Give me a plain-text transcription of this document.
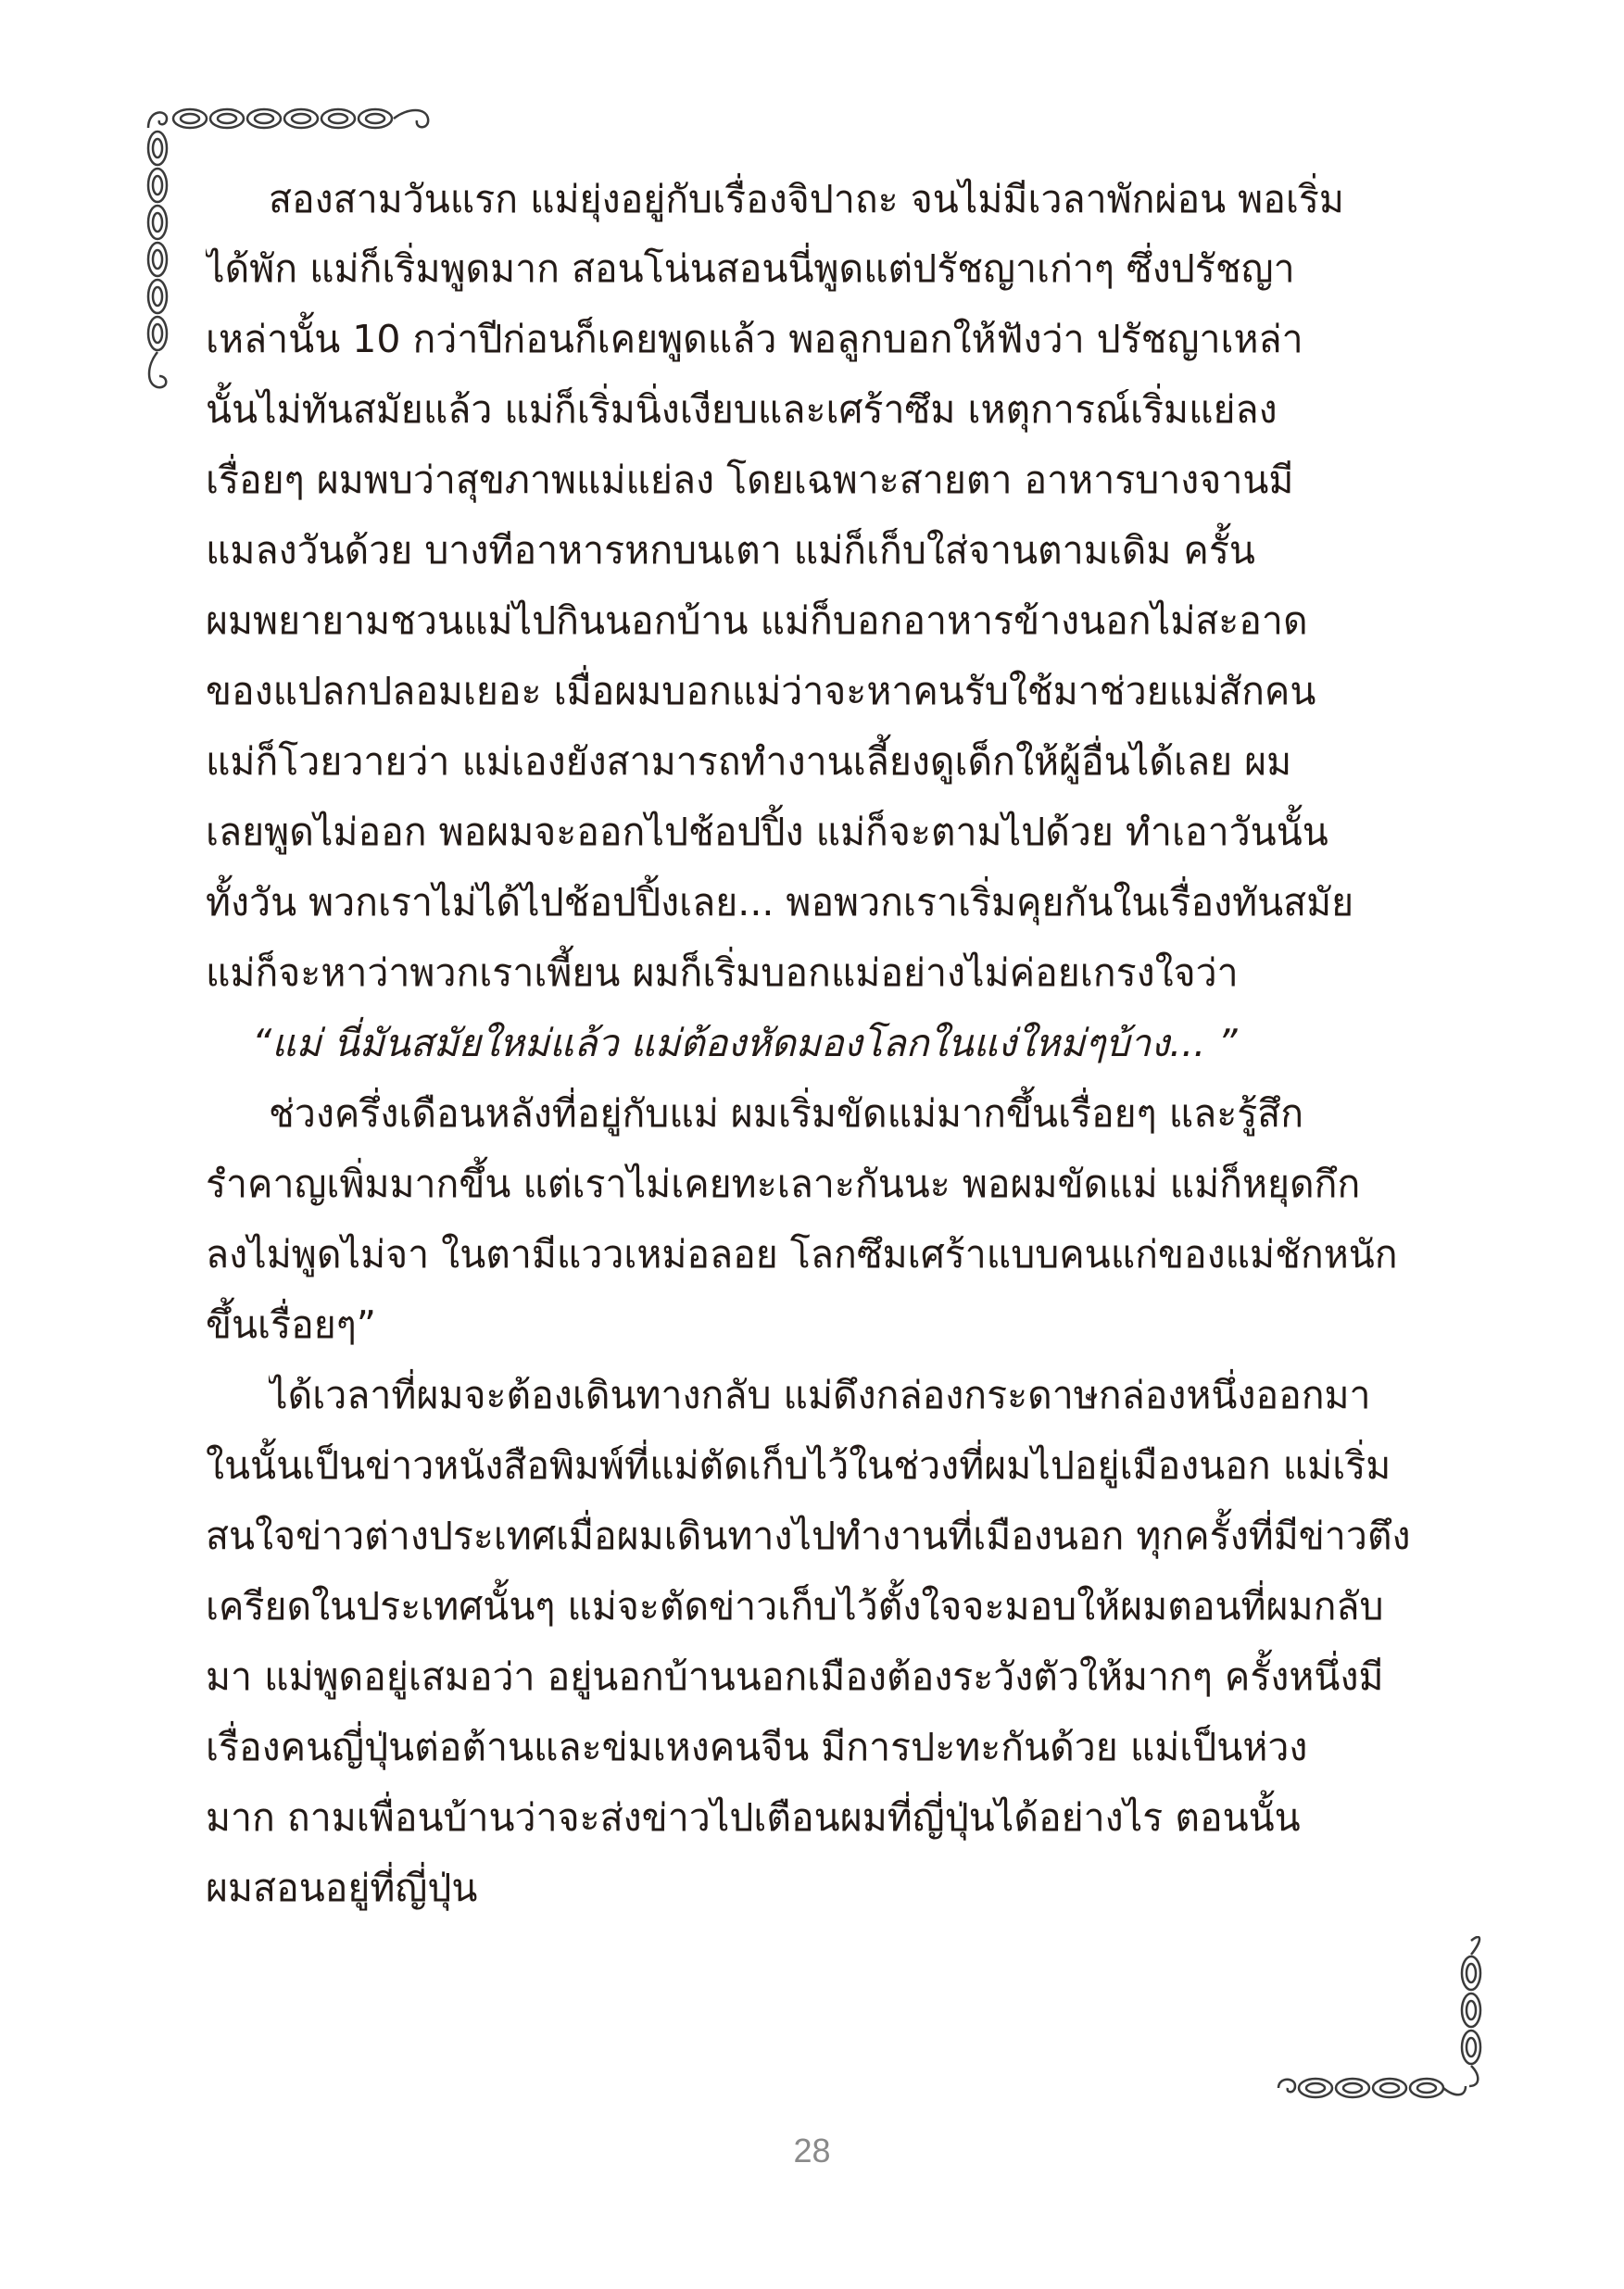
สองสามวันแรก แม่ยุ่งอยู่กับเรื่องจิปาถะ จนไม่มีเวลาพักผ่อน พอเริ่ม
ได้พัก แม่ก็เริ่มพูดมาก สอนโน่นสอนนี่พูดแต่ปรัชญาเก่าๆ ซึ่งปรัชญา
เหล่านั้น 10 กว่าปีก่อนก็เคยพูดแล้ว พอลูกบอกให้ฟังว่า ปรัชญาเหล่า
นั้นไม่ทันสมัยแล้ว แม่ก็เริ่มนิ่งเงียบและเศร้าซึม เหตุการณ์เริ่มแย่ลง
เรื่อยๆ ผมพบว่าสุขภาพแม่แย่ลง โดยเฉพาะสายตา อาหารบางจานมี
แมลงวันด้วย บางทีอาหารหกบนเตา แม่ก็เก็บใส่จานตามเดิม ครั้น
ผมพยายามชวนแม่ไปกินนอกบ้าน แม่ก็บอกอาหารข้างนอกไม่สะอาด
ของแปลกปลอมเยอะ เมื่อผมบอกแม่ว่าจะหาคนรับใช้มาช่วยแม่สักคน
แม่ก็โวยวายว่า แม่เองยังสามารถทำงานเลี้ยงดูเด็กให้ผู้อื่นได้เลย ผม
เลยพูดไม่ออก พอผมจะออกไปช้อปปิ้ง แม่ก็จะตามไปด้วย ทำเอาวันนั้น
ทั้งวัน พวกเราไม่ได้ไปช้อปปิ้งเลย... พอพวกเราเริ่มคุยกันในเรื่องทันสมัย
แม่ก็จะหาว่าพวกเราเพี้ยน ผมก็เริ่มบอกแม่อย่างไม่ค่อยเกรงใจว่า
“แม่ นี่มันสมัยใหม่แล้ว แม่ต้องหัดมองโลกในแง่ใหม่ๆบ้าง... ”
ช่วงครึ่งเดือนหลังที่อยู่กับแม่ ผมเริ่มขัดแม่มากขึ้นเรื่อยๆ และรู้สึก
รำคาญเพิ่มมากขึ้น แต่เราไม่เคยทะเลาะกันนะ พอผมขัดแม่ แม่ก็หยุดกึก
ลงไม่พูดไม่จา ในตามีแววเหม่อลอย โลกซึมเศร้าแบบคนแก่ของแม่ชักหนัก
ขึ้นเรื่อยๆ”
ได้เวลาที่ผมจะต้องเดินทางกลับ แม่ดึงกล่องกระดาษกล่องหนึ่งออกมา
ในนั้นเป็นข่าวหนังสือพิมพ์ที่แม่ตัดเก็บไว้ในช่วงที่ผมไปอยู่เมืองนอก แม่เริ่ม
สนใจข่าวต่างประเทศเมื่อผมเดินทางไปทำงานที่เมืองนอก ทุกครั้งที่มีข่าวตึง
เครียดในประเทศนั้นๆ แม่จะตัดข่าวเก็บไว้ตั้งใจจะมอบให้ผมตอนที่ผมกลับ
มา แม่พูดอยู่เสมอว่า อยู่นอกบ้านนอกเมืองต้องระวังตัวให้มากๆ ครั้งหนึ่งมี
เรื่องคนญี่ปุ่นต่อต้านและข่มเหงคนจีน มีการปะทะกันด้วย แม่เป็นห่วง
มาก ถามเพื่อนบ้านว่าจะส่งข่าวไปเตือนผมที่ญี่ปุ่นได้อย่างไร ตอนนั้น
ผมสอนอยู่ที่ญี่ปุ่น
28
